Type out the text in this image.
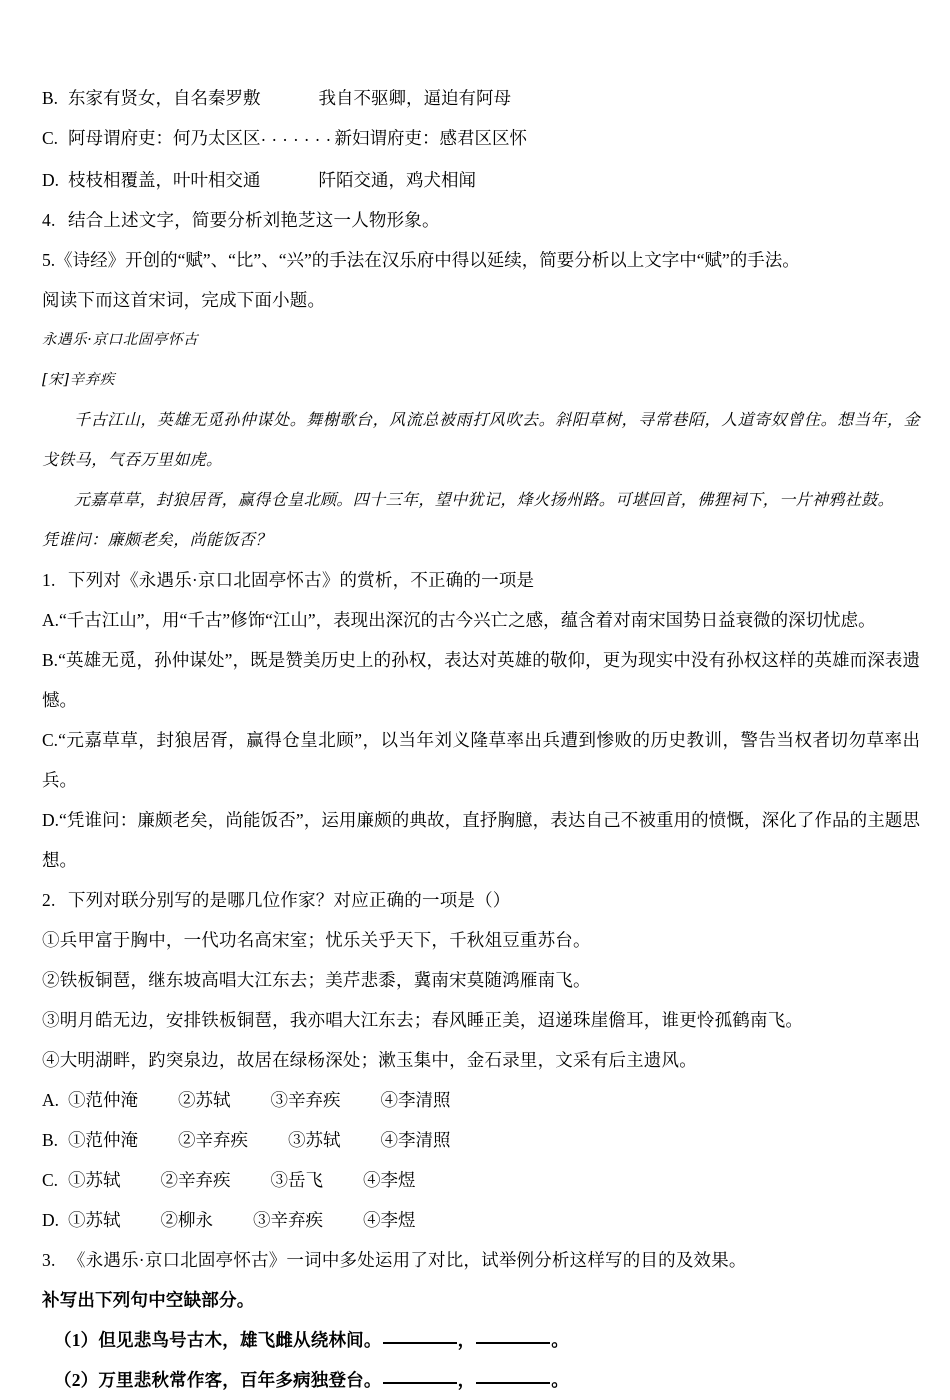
B. 东家有贤女，自名秦罗敷	我自不驱卿，逼迫有阿母
C. 阿母谓府吏：何乃太区区·······新妇谓府吏：感君区区怀
D. 枝枝相覆盖，叶叶相交通	阡陌交通，鸡犬相闻
4. 结合上述文字，简要分析刘艳芝这一人物形象。
5.《诗经》开创的“赋”、“比”、“兴”的手法在汉乐府中得以延续，简要分析以上文字中“赋”的手法。
阅读下而这首宋词，完成下面小题。
永遇乐·京口北固亭怀古
[宋]辛弃疾
千古江山，英雄无觅孙仲谋处。舞榭歌台，风流总被雨打风吹去。斜阳草树，寻常巷陌，人道寄奴曾住。想当年，金戈铁马，气吞万里如虎。
元嘉草草，封狼居胥，赢得仓皇北顾。四十三年，望中犹记，烽火扬州路。可堪回首，佛狸祠下，一片神鸦社鼓。
凭谁问：廉颇老矣，尚能饭否？
1. 下列对《永遇乐·京口北固亭怀古》的赏析，不正确的一项是
A.“千古江山”，用“千古”修饰“江山”，表现出深沉的古今兴亡之感，蕴含着对南宋国势日益衰微的深切忧虑。
B.“英雄无觅，孙仲谋处”，既是赞美历史上的孙权，表达对英雄的敬仰，更为现实中没有孙权这样的英雄而深表遗憾。
C.“元嘉草草，封狼居胥，赢得仓皇北顾”，以当年刘义隆草率出兵遭到惨败的历史教训，警告当权者切勿草率出兵。
D.“凭谁问：廉颇老矣，尚能饭否”，运用廉颇的典故，直抒胸臆，表达自己不被重用的愤慨，深化了作品的主题思想。
2. 下列对联分别写的是哪几位作家？对应正确的一项是（）
①兵甲富于胸中，一代功名高宋室；忧乐关乎天下，千秋俎豆重苏台。
②铁板铜琶，继东坡高唱大江东去；美芹悲黍，冀南宋莫随鸿雁南飞。
③明月皓无边，安排铁板铜琶，我亦唱大江东去；春风睡正美，迢递珠崖儋耳，谁更怜孤鹤南飞。
④大明湖畔，趵突泉边，故居在绿杨深处；漱玉集中，金石录里，文采有后主遗风。
A. ①范仲淹 ②苏轼 ③辛弃疾 ④李清照
B. ①范仲淹 ②辛弃疾 ③苏轼 ④李清照
C. ①苏轼 ②辛弃疾 ③岳飞 ④李煜
D. ①苏轼 ②柳永 ③辛弃疾 ④李煜
3. 《永遇乐·京口北固亭怀古》一词中多处运用了对比，试举例分析这样写的目的及效果。
补写出下列句中空缺部分。
（1）但见悲鸟号古木，雄飞雌从绕林间。	，	。
（2）万里悲秋常作客，百年多病独登台。	，	。
